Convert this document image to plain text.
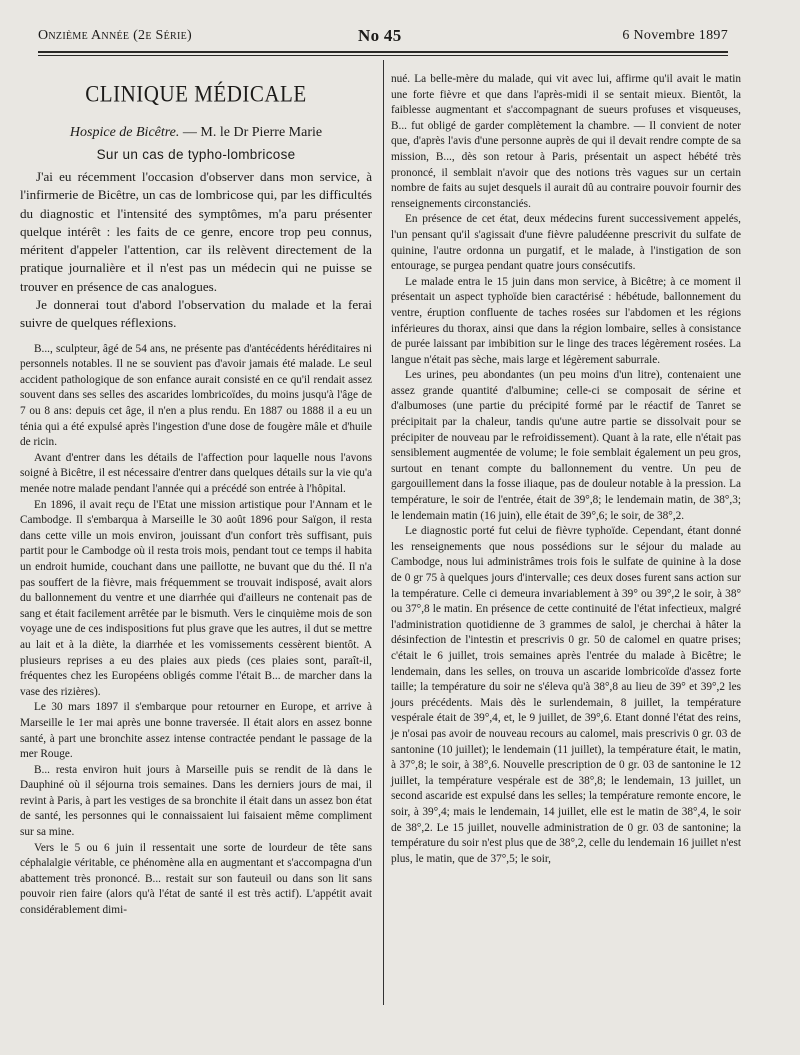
Onzième Année (2e Série)	No 45	6 Novembre 1897
CLINIQUE MÉDICALE
Hospice de Bicêtre. — M. le Dr Pierre Marie
Sur un cas de typho-lombricose

J'ai eu récemment l'occasion d'observer dans mon service, à l'infirmerie de Bicêtre, un cas de lombricose qui, par les difficultés du diagnostic et l'intensité des symptômes, m'a paru présenter quelque intérêt : les faits de ce genre, encore trop peu connus, méritent d'appeler l'attention, car ils relèvent directement de la pratique journalière et il n'est pas un médecin qui ne puisse se trouver en présence de cas analogues.

Je donnerai tout d'abord l'observation du malade et la ferai suivre de quelques réflexions.

B..., sculpteur, âgé de 54 ans, ne présente pas d'antécédents héréditaires ni personnels notables. Il ne se souvient pas d'avoir jamais été malade. Le seul accident pathologique de son enfance aurait consisté en ce qu'il rendait assez souvent dans ses selles des ascarides lombricoïdes, du moins jusqu'à l'âge de 7 ou 8 ans: depuis cet âge, il n'en a plus rendu. En 1887 ou 1888 il a eu un ténia qui a été expulsé après l'ingestion d'une dose de fougère mâle et d'huile de ricin.

Avant d'entrer dans les détails de l'affection pour laquelle nous l'avons soigné à Bicêtre, il est nécessaire d'entrer dans quelques détails sur la vie qu'a menée notre malade pendant l'année qui a précédé son entrée à l'hôpital.

En 1896, il avait reçu de l'Etat une mission artistique pour l'Annam et le Cambodge. Il s'embarqua à Marseille le 30 août 1896 pour Saïgon, il resta dans cette ville un mois environ, jouissant d'un confort très suffisant, puis partit pour le Cambodge où il resta trois mois, pendant tout ce temps il habita un endroit humide, couchant dans une paillotte, ne buvant que du thé. Il n'a pas souffert de la fièvre, mais fréquemment se trouvait indisposé, avait alors du ballonnement du ventre et une diarrhée qui d'ailleurs ne contenait pas de sang et était facilement arrêtée par le bismuth. Vers le cinquième mois de son voyage une de ces indispositions fut plus grave que les autres, il dut se mettre au lait et à la diète, la diarrhée et les vomissements cessèrent bientôt. A plusieurs reprises a eu des plaies aux pieds (ces plaies sont, paraît-il, fréquentes chez les Européens obligés comme l'était B... de marcher dans la vase des rizières).

Le 30 mars 1897 il s'embarque pour retourner en Europe, et arrive à Marseille le 1er mai après une bonne traversée. Il était alors en assez bonne santé, à part une bronchite assez intense contractée pendant le passage de la mer Rouge.

B... resta environ huit jours à Marseille puis se rendit de là dans le Dauphiné où il séjourna trois semaines. Dans les derniers jours de mai, il revint à Paris, à part les vestiges de sa bronchite il était dans un assez bon état de santé, les personnes qui le connaissaient lui faisaient même compliment sur sa mine.

Vers le 5 ou 6 juin il ressentait une sorte de lourdeur de tête sans céphalalgie véritable, ce phénomène alla en augmentant et s'accompagna d'un abattement très prononcé. B... restait sur son fauteuil ou dans son lit sans pouvoir rien faire (alors qu'à l'état de santé il est très actif). L'appétit avait considérablement dimi-

nué. La belle-mère du malade, qui vit avec lui, affirme qu'il avait le matin une forte fièvre et que dans l'après-midi il se sentait mieux. Bientôt, la faiblesse augmentant et s'accompagnant de sueurs profuses et visqueuses, B... fut obligé de garder complètement la chambre. — Il convient de noter que, d'après l'avis d'une personne auprès de qui il devait rendre compte de sa mission, B..., dès son retour à Paris, présentait un aspect hébété très prononcé, il semblait n'avoir que des notions très vagues sur un certain nombre de faits au sujet desquels il aurait dû au contraire pouvoir fournir des renseignements circonstanciés.

En présence de cet état, deux médecins furent successivement appelés, l'un pensant qu'il s'agissait d'une fièvre paludéenne prescrivit du sulfate de quinine, l'autre ordonna un purgatif, et le malade, à l'instigation de son entourage, se purgea pendant quatre jours consécutifs.

Le malade entra le 15 juin dans mon service, à Bicêtre; à ce moment il présentait un aspect typhoïde bien caractérisé : hébétude, ballonnement du ventre, éruption confluente de taches rosées sur l'abdomen et les régions inférieures du thorax, ainsi que dans la région lombaire, selles à consistance de purée laissant par imbibition sur le linge des traces légèrement rosées. La langue n'était pas sèche, mais large et légèrement saburrale.

Les urines, peu abondantes (un peu moins d'un litre), contenaient une assez grande quantité d'albumine; celle-ci se composait de sérine et d'albumoses (une partie du précipité formé par le réactif de Tanret se précipitait par la chaleur, tandis qu'une autre partie se dissolvait pour se précipiter de nouveau par le refroidissement). Quant à la rate, elle n'était pas sensiblement augmentée de volume; le foie semblait également un peu gros, surtout en tenant compte du ballonnement du ventre. Un peu de gargouillement dans la fosse iliaque, pas de douleur notable à la pression. La température, le soir de l'entrée, était de 39°,8; le lendemain matin, de 38°,3; le lendemain matin (16 juin), elle était de 39°,6; le soir, de 38°,2.

Le diagnostic porté fut celui de fièvre typhoïde. Cependant, étant donné les renseignements que nous possédions sur le séjour du malade au Cambodge, nous lui administrâmes trois fois le sulfate de quinine à la dose de 0 gr 75 à quelques jours d'intervalle; ces deux doses furent sans action sur la température. Celle ci demeura invariablement à 39° ou 39°,2 le soir, à 38° ou 37°,8 le matin. En présence de cette continuité de l'état infectieux, malgré l'administration quotidienne de 3 grammes de salol, je cherchai à hâter la désinfection de l'intestin et prescrivis 0 gr. 50 de calomel en quatre prises; c'était le 6 juillet, trois semaines après l'entrée du malade à Bicêtre; le lendemain, dans les selles, on trouva un ascaride lombricoïde d'assez forte taille; la température du soir ne s'éleva qu'à 38°,8 au lieu de 39° et 39°,2 les jours précédents. Mais dès le surlendemain, 8 juillet, la température vespérale était de 39°,4, et, le 9 juillet, de 39°,6. Etant donné l'état des reins, je n'osai pas avoir de nouveau recours au calomel, mais prescrivis 0 gr. 03 de santonine (10 juillet); le lendemain (11 juillet), la température était, le matin, à 37°,8; le soir, à 38°,6. Nouvelle prescription de 0 gr. 03 de santonine le 12 juillet, la température vespérale est de 38°,8; le lendemain, 13 juillet, un second ascaride est expulsé dans les selles; la température remonte encore, le soir, à 39°,4; mais le lendemain, 14 juillet, elle est le matin de 38°,4, le soir de 38°,2. Le 15 juillet, nouvelle administration de 0 gr. 03 de santonine; la température du soir n'est plus que de 38°,2, celle du lendemain 16 juillet n'est plus, le matin, que de 37°,5; le soir,
